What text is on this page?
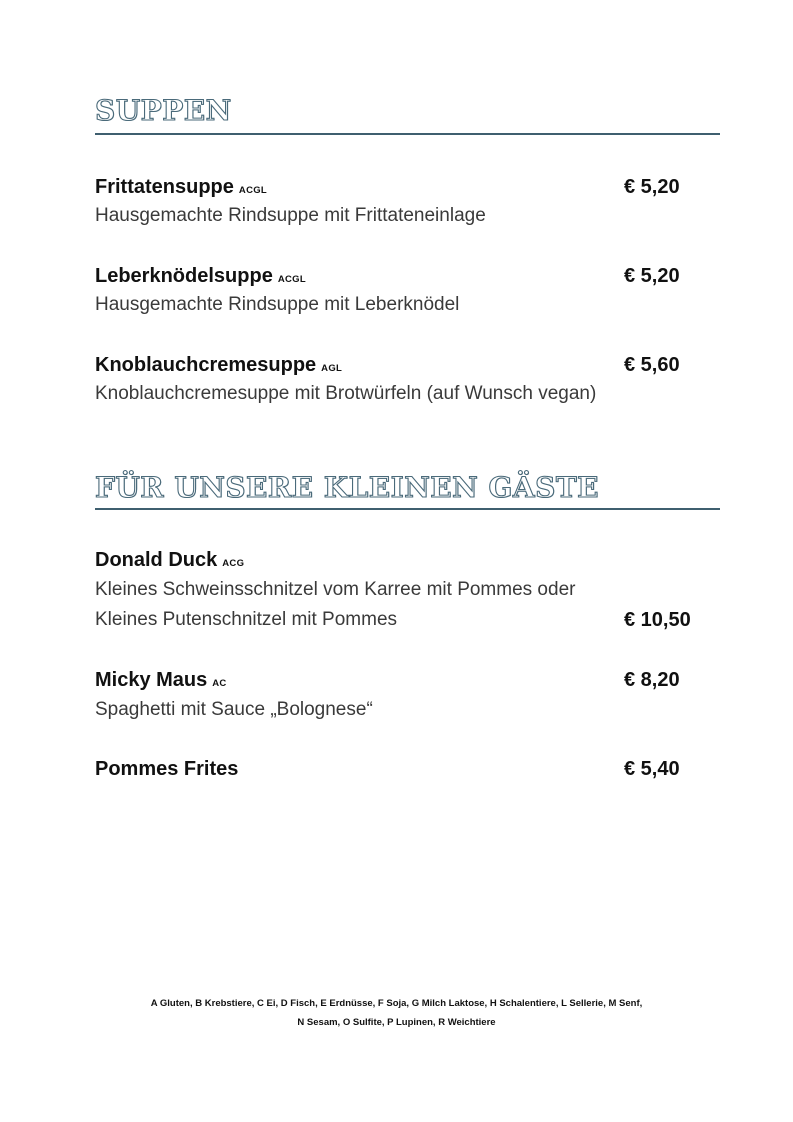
SUPPEN
Frittatensuppe ACGL	€ 5,20
Hausgemachte Rindsuppe mit Frittateneinlage
Leberknödelsuppe ACGL	€ 5,20
Hausgemachte Rindsuppe mit Leberknödel
Knoblauchcremesuppe AGL	€ 5,60
Knoblauchcremesuppe mit Brotwürfeln (auf Wunsch vegan)
FÜR UNSERE KLEINEN GÄSTE
Donald Duck ACG
Kleines Schweinsschnitzel vom Karree mit Pommes oder
Kleines Putenschnitzel mit Pommes	€ 10,50
Micky Maus AC	€ 8,20
Spaghetti mit Sauce „Bolognese“
Pommes Frites	€ 5,40
A Gluten, B Krebstiere, C Ei, D Fisch, E Erdnüsse, F Soja, G Milch Laktose, H Schalentiere, L Sellerie, M Senf,
N Sesam, O Sulfite, P Lupinen, R Weichtiere
